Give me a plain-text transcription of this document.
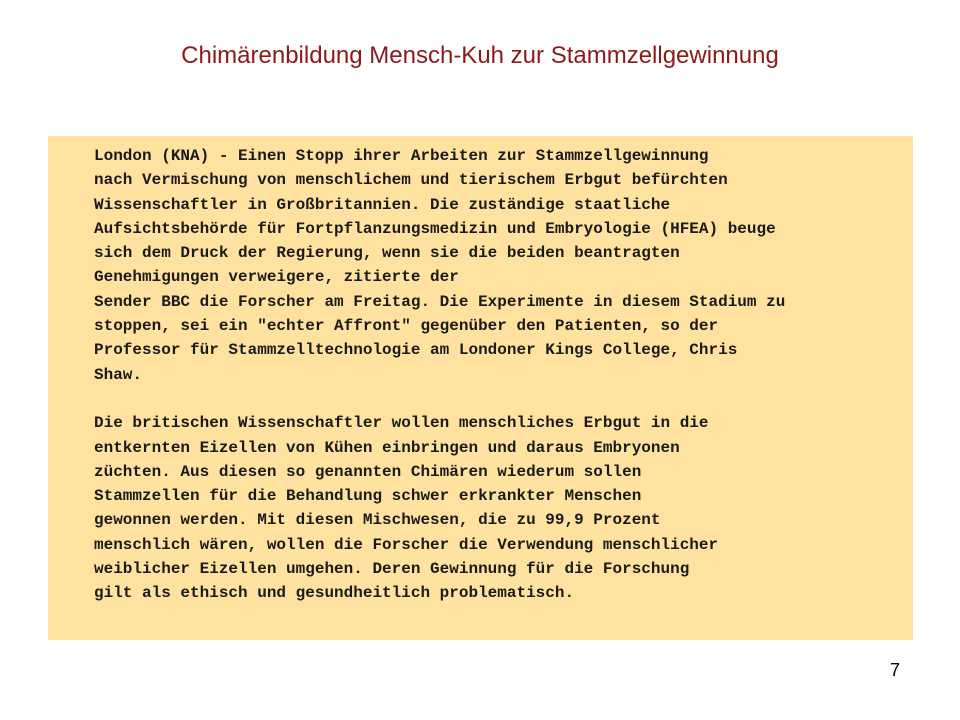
Chimärenbildung Mensch-Kuh zur Stammzellgewinnung
London (KNA) - Einen Stopp ihrer Arbeiten zur Stammzellgewinnung
nach Vermischung von menschlichem und tierischem Erbgut befürchten
Wissenschaftler in Großbritannien. Die zuständige staatliche
Aufsichtsbehörde für Fortpflanzungsmedizin und Embryologie (HFEA) beuge
sich dem Druck der Regierung, wenn sie die beiden beantragten
Genehmigungen verweigere, zitierte der
Sender BBC die Forscher am Freitag. Die Experimente in diesem Stadium zu
stoppen, sei ein "echter Affront" gegenüber den Patienten, so der
Professor für Stammzelltechnologie am Londoner Kings College, Chris
Shaw.
Die britischen Wissenschaftler wollen menschliches Erbgut in die
entkernten Eizellen von Kühen einbringen und daraus Embryonen
züchten. Aus diesen so genannten Chimären wiederum sollen
Stammzellen für die Behandlung schwer erkrankter Menschen
gewonnen werden. Mit diesen Mischwesen, die zu 99,9 Prozent
menschlich wären, wollen die Forscher die Verwendung menschlicher
weiblicher Eizellen umgehen. Deren Gewinnung für die Forschung
gilt als ethisch und gesundheitlich problematisch.
7
